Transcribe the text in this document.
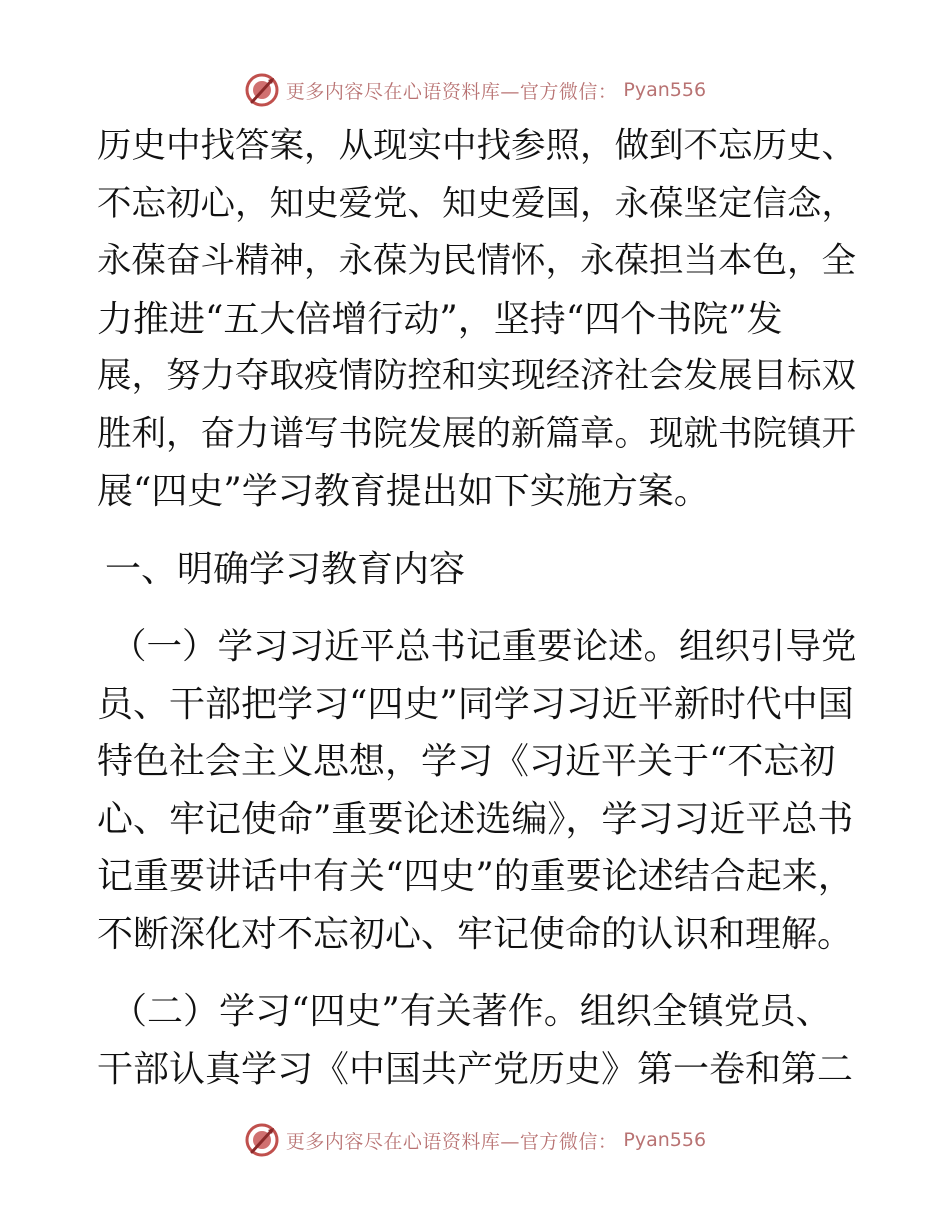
更多内容尽在心语资料库—官方微信： Pyan556
历史中找答案，从现实中找参照，做到不忘历史、
不忘初心，知史爱党、知史爱国，永葆坚定信念，
永葆奋斗精神，永葆为民情怀，永葆担当本色，全
力推进“五大倍增行动”，坚持“四个书院”发
展，努力夺取疫情防控和实现经济社会发展目标双
胜利，奋力谱写书院发展的新篇章。现就书院镇开
展“四史”学习教育提出如下实施方案。
一、明确学习教育内容
（一）学习习近平总书记重要论述。组织引导党
员、干部把学习“四史”同学习习近平新时代中国
特色社会主义思想，学习《习近平关于“不忘初
心、牢记使命”重要论述选编》，学习习近平总书
记重要讲话中有关“四史”的重要论述结合起来，
不断深化对不忘初心、牢记使命的认识和理解。
（二）学习“四史”有关著作。组织全镇党员、
干部认真学习《中国共产党历史》第一卷和第二
更多内容尽在心语资料库—官方微信： Pyan556
